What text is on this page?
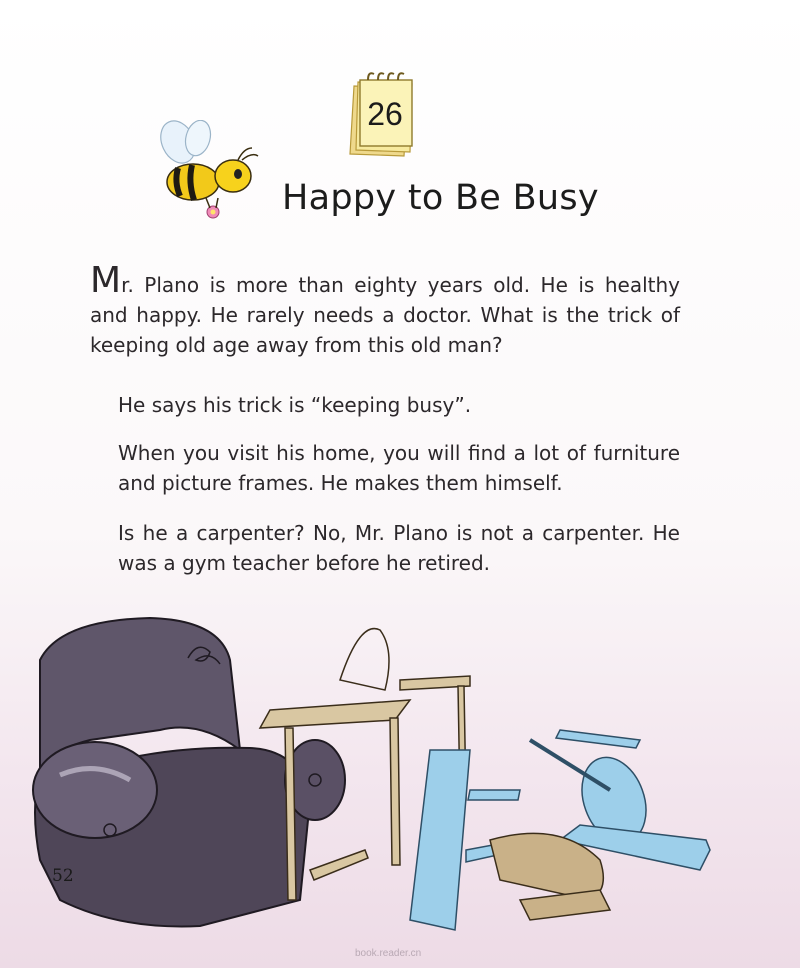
26
Happy to Be Busy
Mr. Plano is more than eighty years old. He is healthy and happy. He rarely needs a doctor. What is the trick of keeping old age away from this old man?
He says his trick is “keeping busy”.
When you visit his home, you will find a lot of furniture and picture frames. He makes them himself.
Is he a carpenter? No, Mr. Plano is not a carpenter. He was a gym teacher before he retired.
52
book.reader.cn
